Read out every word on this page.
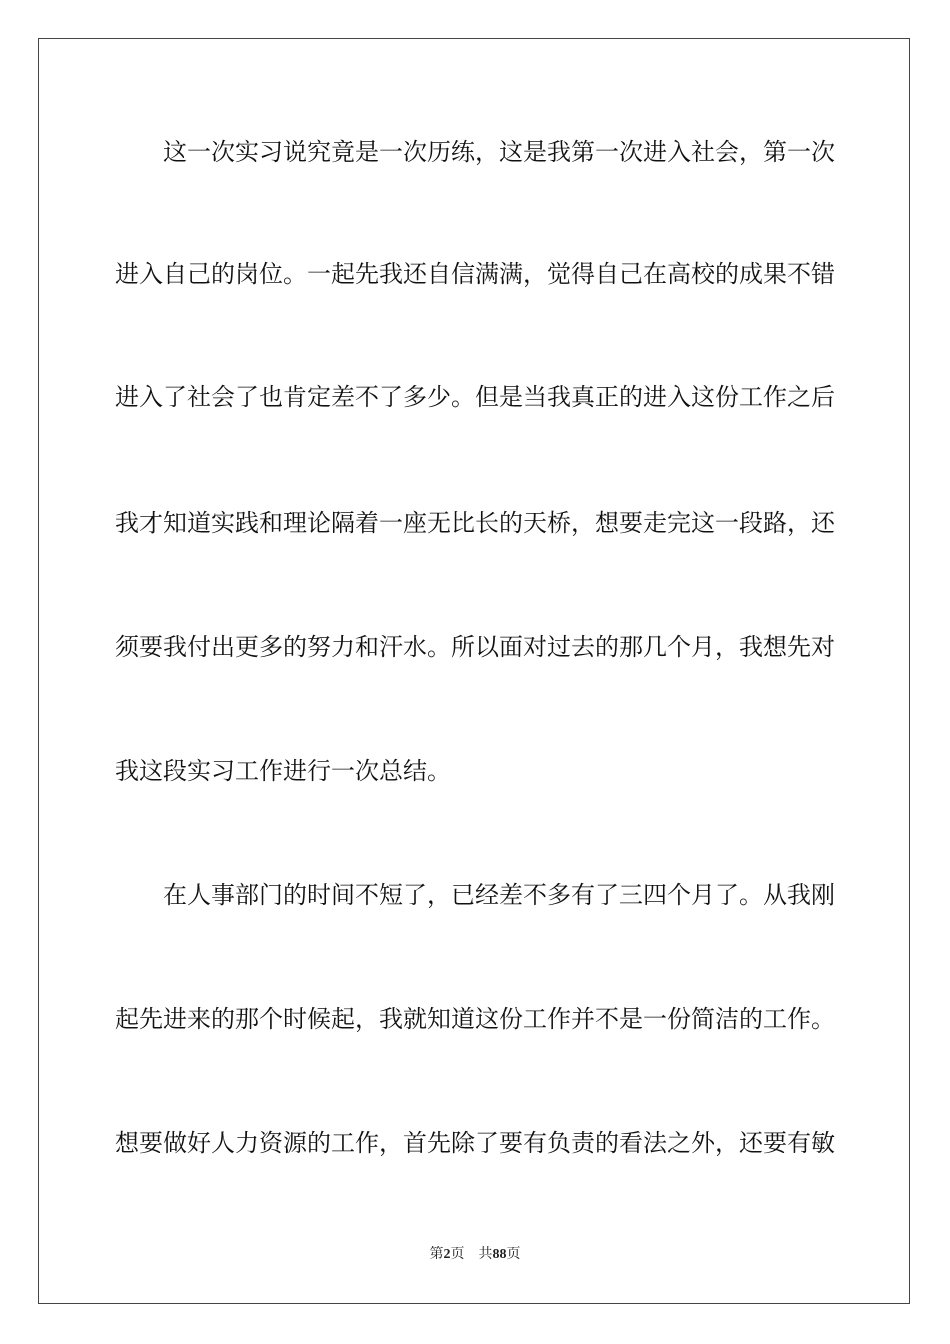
这一次实习说究竟是一次历练，这是我第一次进入社会，第一次
进入自己的岗位。一起先我还自信满满，觉得自己在高校的成果不错
进入了社会了也肯定差不了多少。但是当我真正的进入这份工作之后
我才知道实践和理论隔着一座无比长的天桥，想要走完这一段路，还
须要我付出更多的努力和汗水。所以面对过去的那几个月，我想先对
我这段实习工作进行一次总结。
在人事部门的时间不短了，已经差不多有了三四个月了。从我刚
起先进来的那个时候起，我就知道这份工作并不是一份简洁的工作。
想要做好人力资源的工作，首先除了要有负责的看法之外，还要有敏
第2页 共88页
